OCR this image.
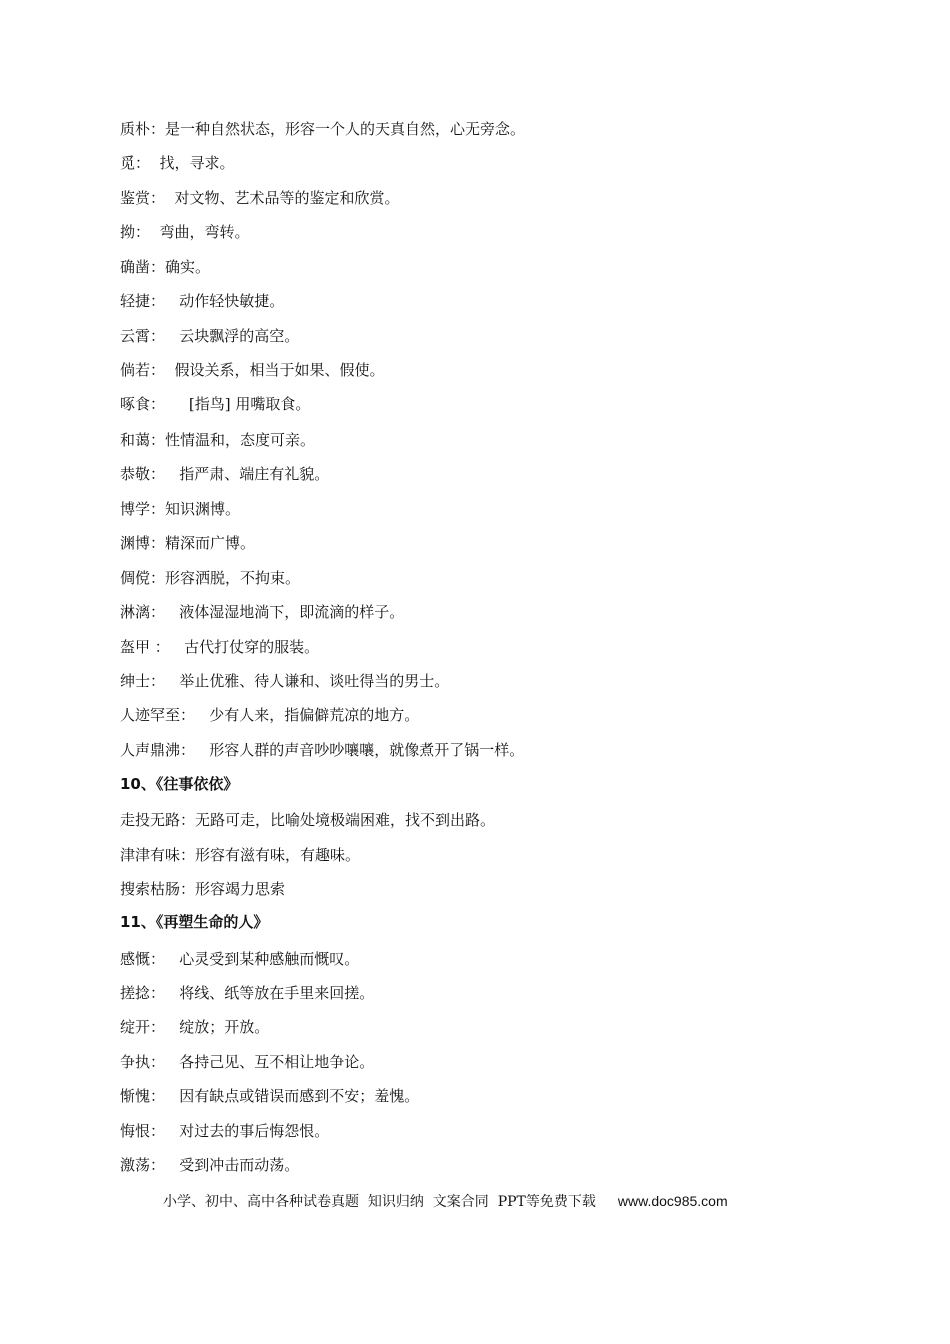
质朴：是一种自然状态，形容一个人的天真自然，心无旁念。
觅：  找，寻求。
鉴赏：  对文物、艺术品等的鉴定和欣赏。
拗：  弯曲，弯转。
确凿：确实。
轻捷：   动作轻快敏捷。
云霄：   云块飘浮的高空。
倘若：  假设关系，相当于如果、假使。
啄食：     [指鸟] 用嘴取食。
和蔼：性情温和，态度可亲。
恭敬：   指严肃、端庄有礼貌。
博学：知识渊博。
渊博：精深而广博。
倜傥：形容洒脱，不拘束。
淋漓：   液体湿湿地淌下，即流滴的样子。
盔甲 ：   古代打仗穿的服装。
绅士：   举止优雅、待人谦和、谈吐得当的男士。
人迹罕至：   少有人来，指偏僻荒凉的地方。
人声鼎沸：   形容人群的声音吵吵嚷嚷，就像煮开了锅一样。
10、《往事依依》
走投无路：无路可走，比喻处境极端困难，找不到出路。
津津有味：形容有滋有味，有趣味。
搜索枯肠：形容竭力思索
11、《再塑生命的人》
感慨：   心灵受到某种感触而慨叹。
搓捻：   将线、纸等放在手里来回搓。
绽开：   绽放；开放。
争执：   各持己见、互不相让地争论。
惭愧：   因有缺点或错误而感到不安；羞愧。
悔恨：   对过去的事后悔怨恨。
激荡：   受到冲击而动荡。
小学、初中、高中各种试卷真题  知识归纳  文案合同  PPT等免费下载 www.doc985.com
